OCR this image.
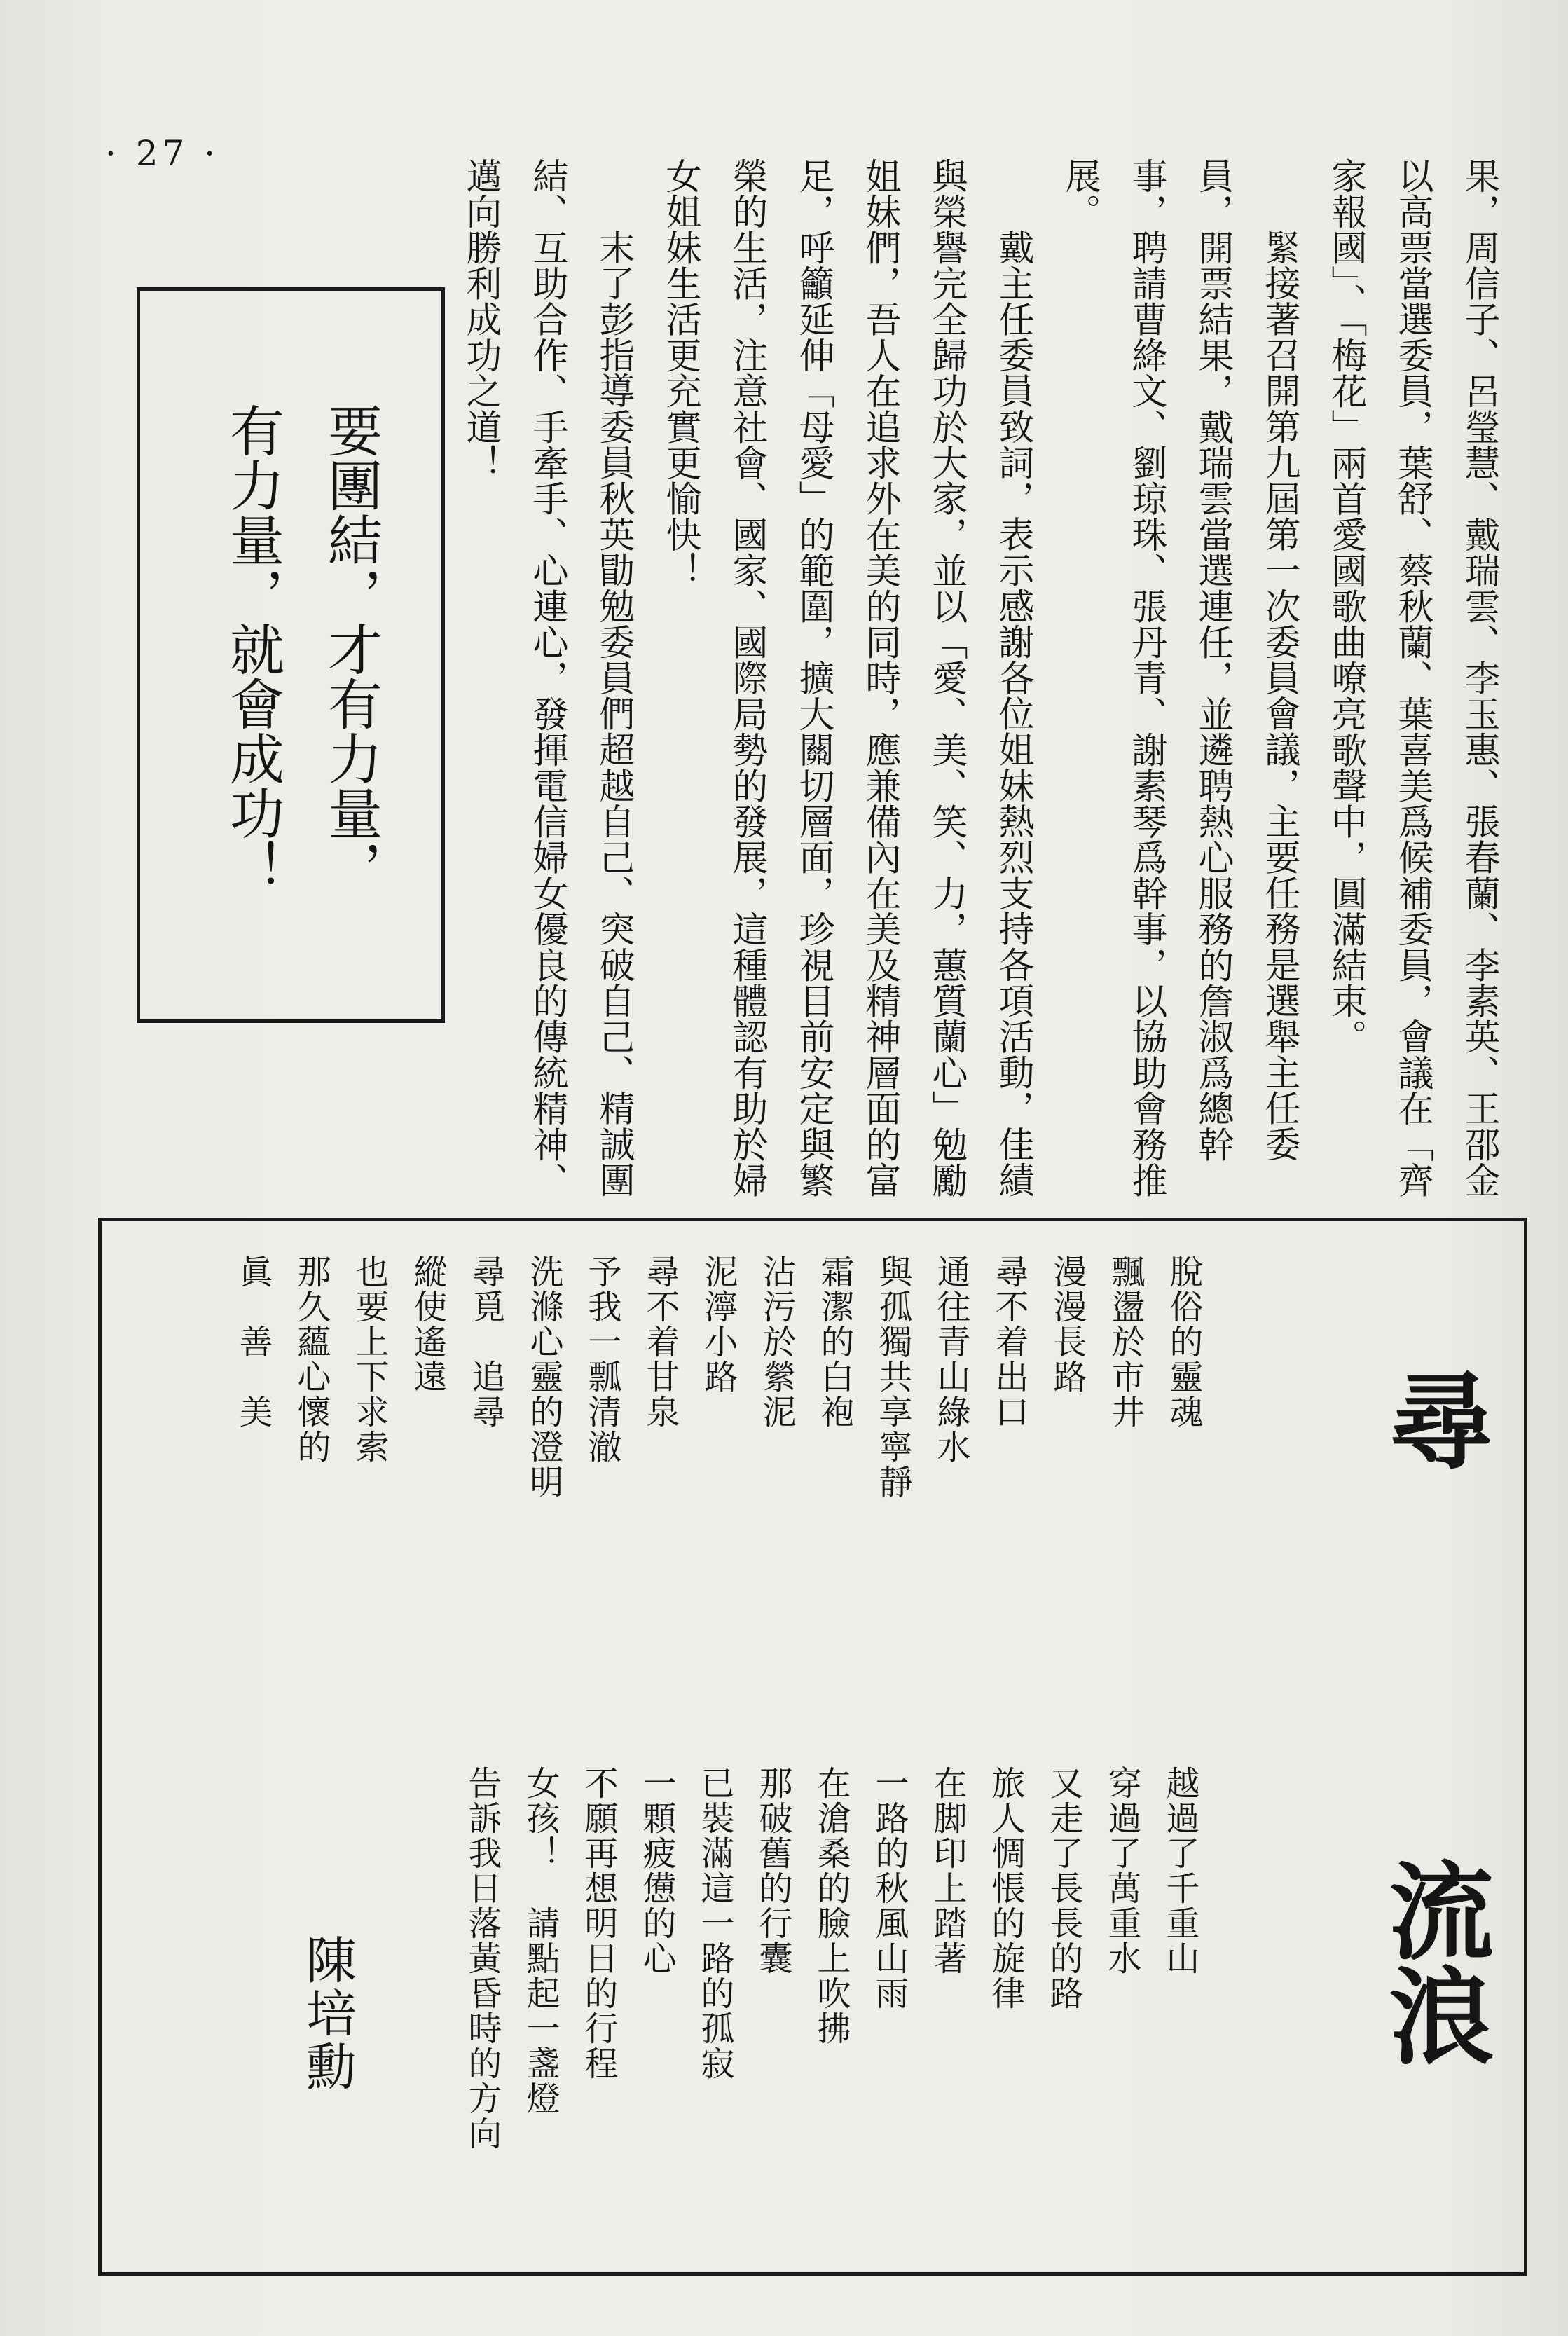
· 27 ·

果，周信子、呂瑩慧、戴瑞雲、李玉惠、張春蘭、李素英、王邵金以高票當選委員，葉舒、蔡秋蘭、葉喜美爲候補委員，會議在「齊家報國」、「梅花」兩首愛國歌曲嘹亮歌聲中，圓滿結束。

緊接著召開第九屆第一次委員會議，主要任務是選舉主任委員，開票結果，戴瑞雲當選連任，並遴聘熱心服務的詹淑爲總幹事，聘請曹絳文、劉琼珠、張丹青、謝素琴爲幹事，以協助會務推展。

戴主任委員致詞，表示感謝各位姐妹熱烈支持各項活動，佳績與榮譽完全歸功於大家，並以「愛、美、笑、力，蕙質蘭心」勉勵姐妹們，吾人在追求外在美的同時，應兼備內在美及精神層面的富足，呼籲延伸「母愛」的範圍，擴大關切層面，珍視目前安定與繁榮的生活，注意社會、國家、國際局勢的發展，這種體認有助於婦女姐妹生活更充實更愉快！

末了彭指導委員秋英勖勉委員們超越自己、突破自己、精誠團結、互助合作、手牽手、心連心，發揮電信婦女優良的傳統精神、邁向勝利成功之道！

要團結，才有力量，
有力量，就會成功！
尋
流浪
陳培勳
脫俗的靈魂
飄盪於市井
漫漫長路
尋不着出口
通往青山綠水
與孤獨共享寧靜
霜潔的白袍
沾污於縈泥
泥濘小路
尋不着甘泉
予我一瓢清澈
洗滌心靈的澄明
尋覓　追尋
縱使遙遠
也要上下求索
那久蘊心懷的
眞　善　美
越過了千重山
穿過了萬重水
又走了長長的路
旅人惆悵的旋律
在脚印上踏著
一路的秋風山雨
在滄桑的臉上吹拂
那破舊的行囊
已裝滿這一路的孤寂
一顆疲憊的心
不願再想明日的行程
女孩！　請點起一盞燈
告訴我日落黃昏時的方向
